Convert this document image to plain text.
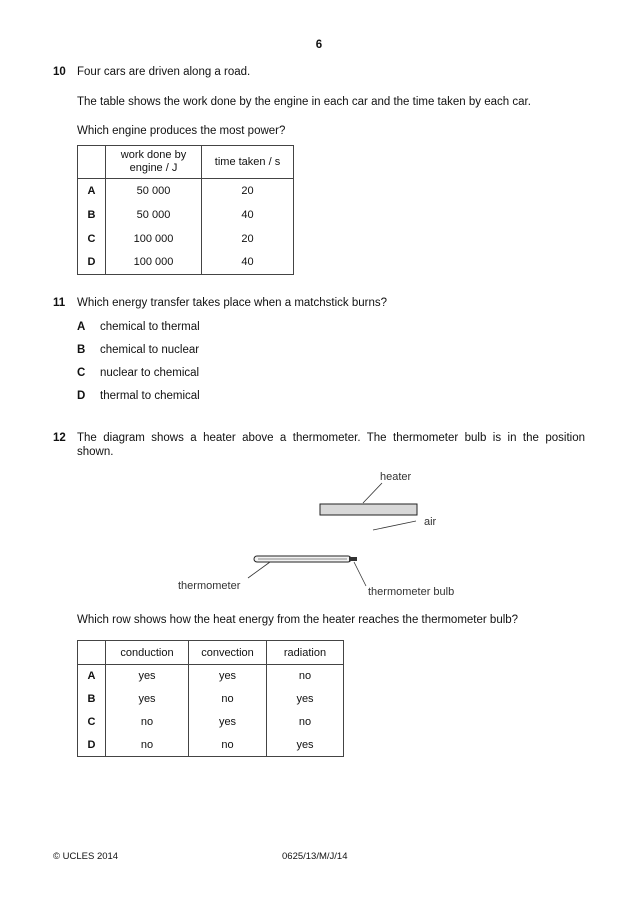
6
10 Four cars are driven along a road.
The table shows the work done by the engine in each car and the time taken by each car.
Which engine produces the most power?
	work done by engine / J	time taken / s
A	50 000	20
B	50 000	40
C	100 000	20
D	100 000	40
11 Which energy transfer takes place when a matchstick burns?
A chemical to thermal
B chemical to nuclear
C nuclear to chemical
D thermal to chemical
12 The diagram shows a heater above a thermometer. The thermometer bulb is in the position
shown.
heater
air
thermometer	thermometer bulb
Which row shows how the heat energy from the heater reaches the thermometer bulb?
	conduction	convection	radiation
A	yes	yes	no
B	yes	no	yes
C	no	yes	no
D	no	no	yes
© UCLES 2014	0625/13/M/J/14
